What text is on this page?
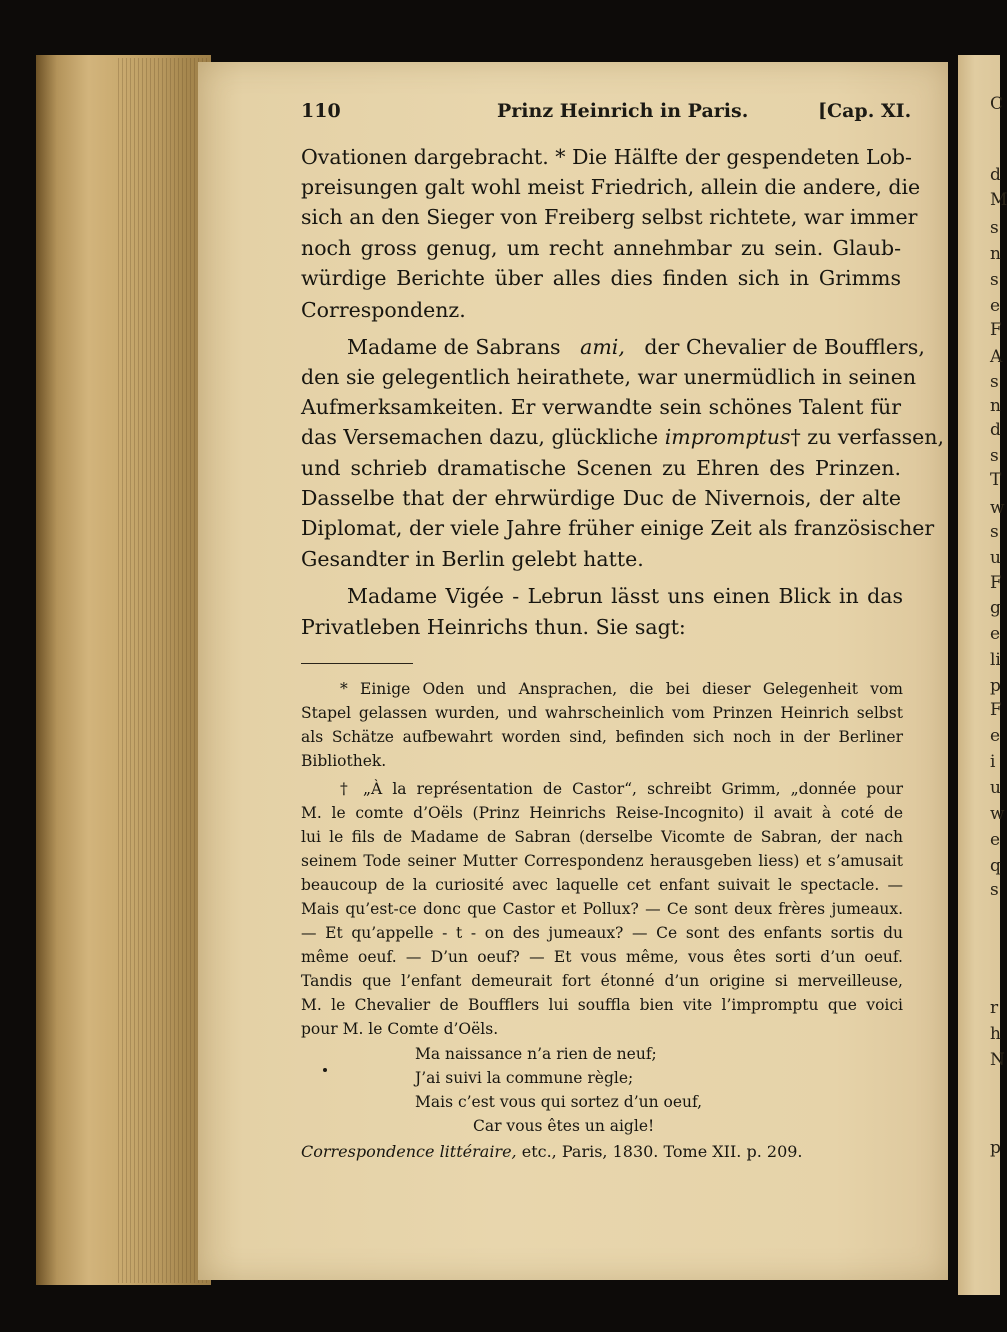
110	Prinz Heinrich in Paris.	[Cap. XI.
Ovationen dargebracht. * Die Hälfte der gespendeten Lob-
preisungen galt wohl meist Friedrich, allein die andere, die
sich an den Sieger von Freiberg selbst richtete, war immer
noch gross genug, um recht annehmbar zu sein. Glaub-
würdige Berichte über alles dies finden sich in Grimms
Correspondenz.
Madame de Sabrans ami, der Chevalier de Boufflers,
den sie gelegentlich heirathete, war unermüdlich in seinen
Aufmerksamkeiten. Er verwandte sein schönes Talent für
das Versemachen dazu, glückliche impromptus† zu verfassen,
und schrieb dramatische Scenen zu Ehren des Prinzen.
Dasselbe that der ehrwürdige Duc de Nivernois, der alte
Diplomat, der viele Jahre früher einige Zeit als französischer
Gesandter in Berlin gelebt hatte.
Madame Vigée - Lebrun lässt uns einen Blick in das
Privatleben Heinrichs thun. Sie sagt:
* Einige Oden und Ansprachen, die bei dieser Gelegenheit vom
Stapel gelassen wurden, und wahrscheinlich vom Prinzen Heinrich selbst
als Schätze aufbewahrt worden sind, befinden sich noch in der Berliner
Bibliothek.
† „À la représentation de Castor“, schreibt Grimm, „donnée pour
M. le comte d’Oëls (Prinz Heinrichs Reise-Incognito) il avait à coté de
lui le fils de Madame de Sabran (derselbe Vicomte de Sabran, der nach
seinem Tode seiner Mutter Correspondenz herausgeben liess) et s’amusait
beaucoup de la curiosité avec laquelle cet enfant suivait le spectacle. —
Mais qu’est-ce donc que Castor et Pollux? — Ce sont deux frères jumeaux.
— Et qu’appelle - t - on des jumeaux? — Ce sont des enfants sortis du
même oeuf. — D’un oeuf? — Et vous même, vous êtes sorti d’un oeuf.
Tandis que l’enfant demeurait fort étonné d’un origine si merveilleuse,
M. le Chevalier de Boufflers lui souffla bien vite l’impromptu que voici
pour M. le Comte d’Oëls.
Ma naissance n’a rien de neuf;
J’ai suivi la commune règle;
Mais c’est vous qui sortez d’un oeuf,
Car vous êtes un aigle!
Correspondence littéraire, etc., Paris, 1830. Tome XII. p. 209.
C
d
M
s
n
s
e
F
A
s
n
d
s
T
w
s
u
F
g
e
li
p
F
e
i
u
w
e
q
s
r
h
N
p
